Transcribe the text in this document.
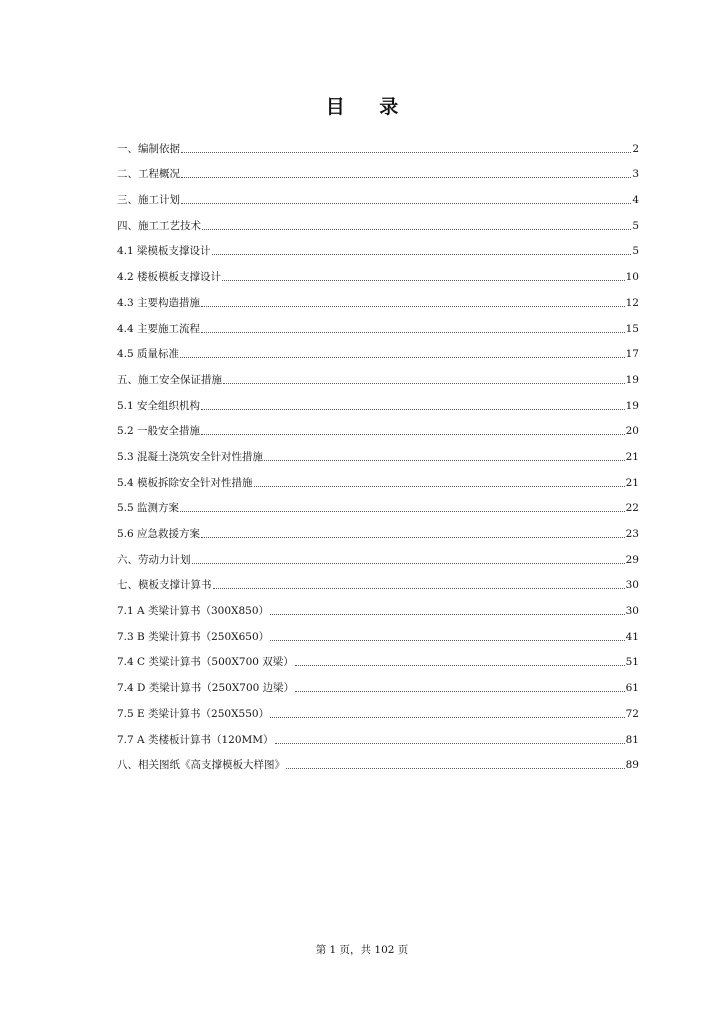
目 录
一、编制依据	2
二、工程概况	3
三、施工计划	4
四、施工工艺技术	5
4.1 梁模板支撑设计	5
4.2 楼板模板支撑设计	10
4.3 主要构造措施	12
4.4 主要施工流程	15
4.5 质量标准	17
五、施工安全保证措施	19
5.1 安全组织机构	19
5.2 一般安全措施	20
5.3 混凝土浇筑安全针对性措施	21
5.4 模板拆除安全针对性措施	21
5.5 监测方案	22
5.6 应急救援方案	23
六、劳动力计划	29
七、模板支撑计算书	30
7.1 A 类梁计算书（300X850）	30
7.3 B 类梁计算书（250X650）	41
7.4 C 类梁计算书（500X700 双梁）	51
7.4 D 类梁计算书（250X700 边梁）	61
7.5 E 类梁计算书（250X550）	72
7.7 A 类楼板计算书（120MM）	81
八、相关图纸《高支撑模板大样图》	89
第 1 页，共 102 页
